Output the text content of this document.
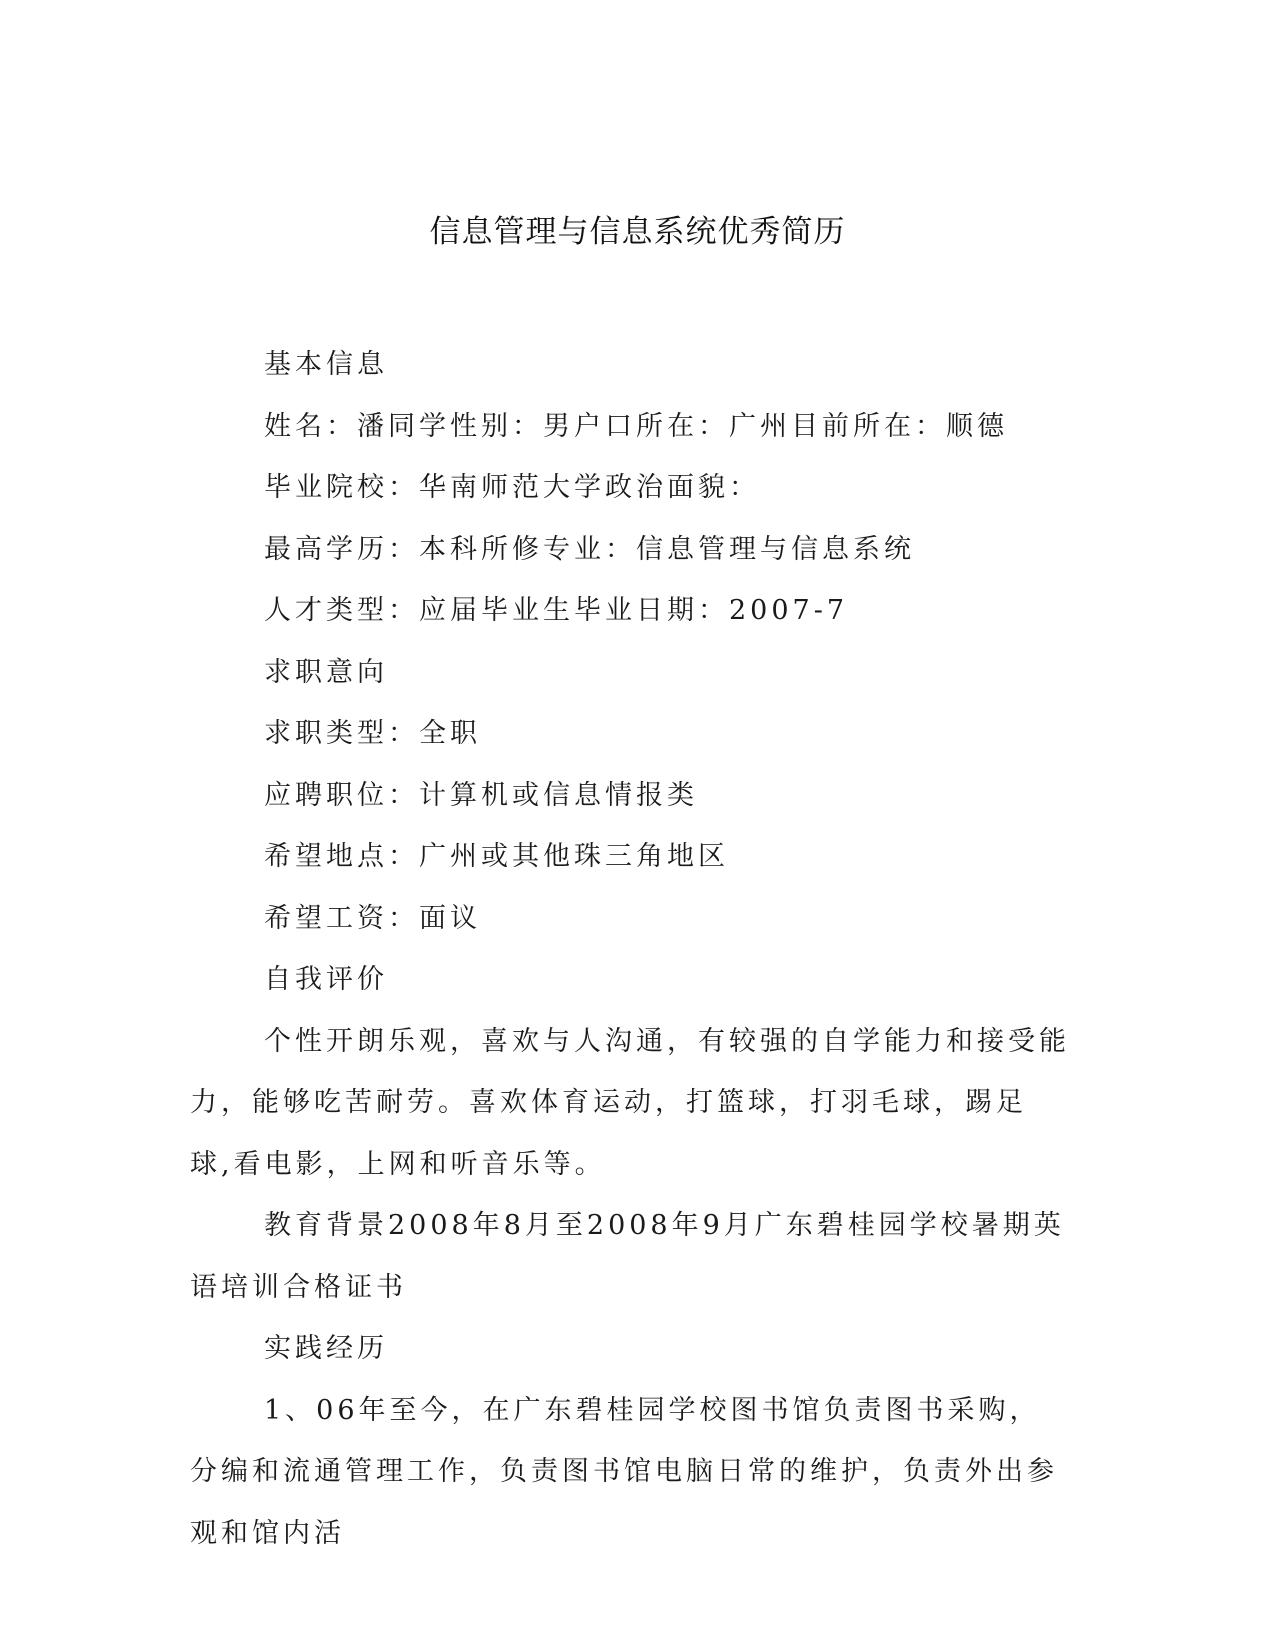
信息管理与信息系统优秀简历

基本信息

姓名：潘同学性别：男户口所在：广州目前所在：顺德

毕业院校：华南师范大学政治面貌：

最高学历：本科所修专业：信息管理与信息系统

人才类型：应届毕业生毕业日期：2007-7

求职意向

求职类型：全职

应聘职位：计算机或信息情报类

希望地点：广州或其他珠三角地区

希望工资：面议

自我评价

个性开朗乐观，喜欢与人沟通，有较强的自学能力和接受能力，能够吃苦耐劳。喜欢体育运动，打篮球，打羽毛球，踢足球,看电影，上网和听音乐等。

教育背景2008年8月至2008年9月广东碧桂园学校暑期英语培训合格证书

实践经历

1、06年至今，在广东碧桂园学校图书馆负责图书采购，分编和流通管理工作，负责图书馆电脑日常的维护，负责外出参观和馆内活
